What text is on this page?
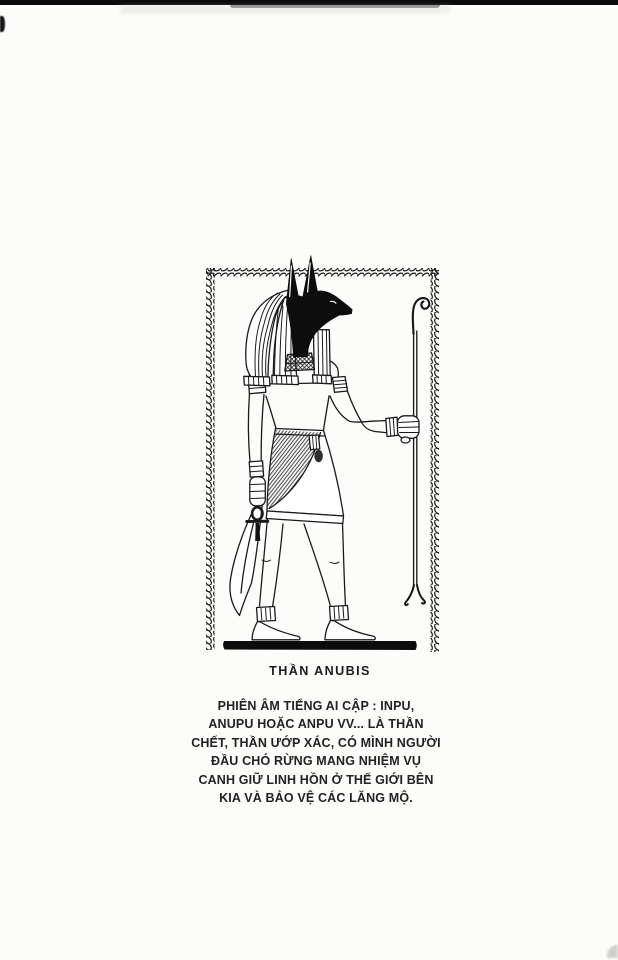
THẦN ANUBIS
PHIÊN ÂM TIẾNG AI CẬP : INPU,
ANUPU HOẶC ANPU VV... LÀ THẦN
CHẾT, THẦN ƯỚP XÁC, CÓ MÌNH NGƯỜI
ĐẦU CHÓ RỪNG MANG NHIỆM VỤ
CANH GIỮ LINH HỒN Ở THẾ GIỚI BÊN
KIA VÀ BẢO VỆ CÁC LĂNG MỘ.
